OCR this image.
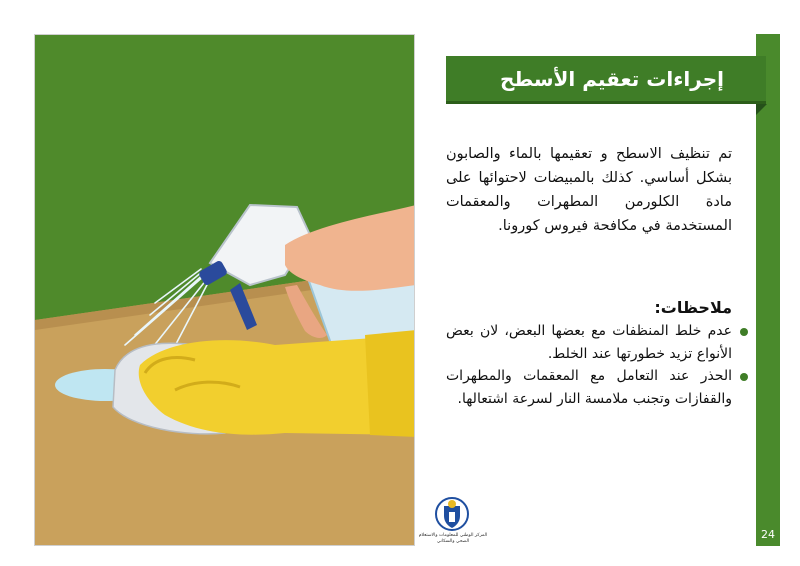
24
إجراءات تعقيم الأسطح

تم تنظيف الاسطح و تعقيمها بالماء والصابون بشكل أساسي. كذلك بالمبيضات لاحتوائها على مادة الكلورمن المطهرات والمعقمات المستخدمة في مكافحة فيروس كورونا.

ملاحظات:
عدم خلط المنظفات مع بعضها البعض، لان بعض الأنواع تزيد خطورتها عند الخلط.
الحذر عند التعامل مع المعقمات والمطهرات والقفازات وتجنب ملامسة النار لسرعة اشتعالها.
المركز الوطني للمعلومات والاستعلام الصحي والسكاني
